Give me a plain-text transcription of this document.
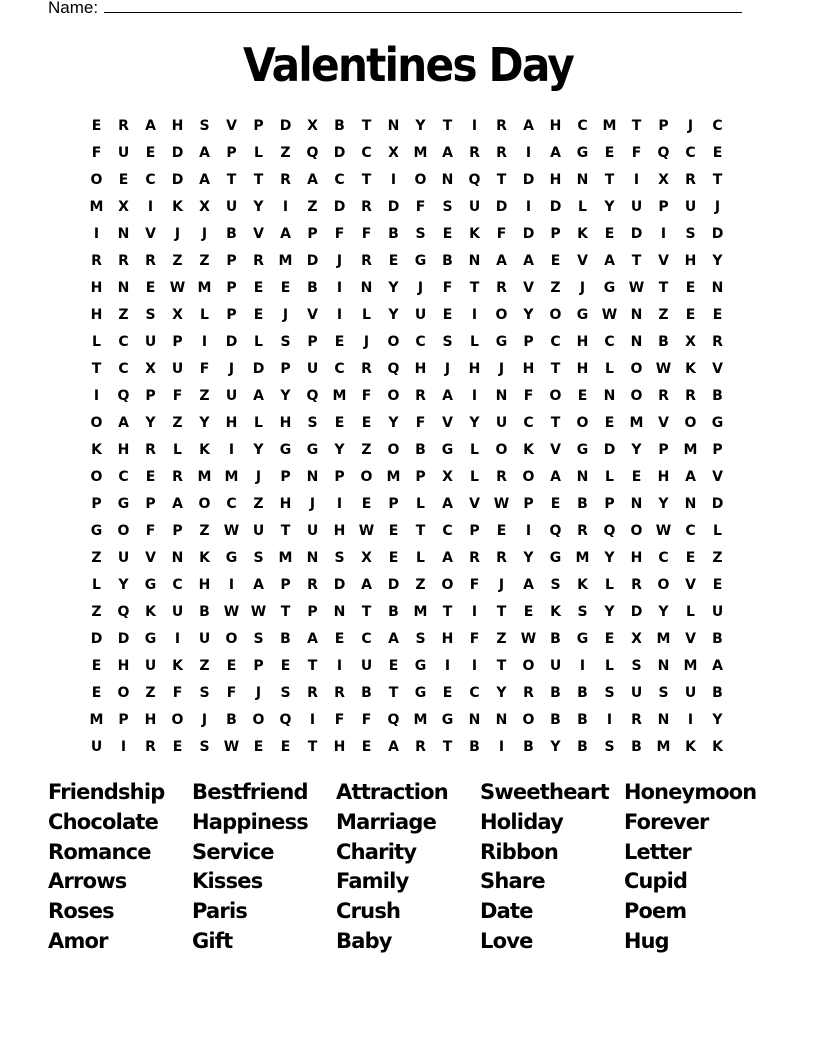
Name:
Valentines Day
E	R	A	H	S	V	P	D	X	B	T	N	Y	T	I	R	A	H	C	M	T	P	J	C
F	U	E	D	A	P	L	Z	Q	D	C	X	M	A	R	R	I	A	G	E	F	Q	C	E
O	E	C	D	A	T	T	R	A	C	T	I	O	N	Q	T	D	H	N	T	I	X	R	T
M	X	I	K	X	U	Y	I	Z	D	R	D	F	S	U	D	I	D	L	Y	U	P	U	J
I	N	V	J	J	B	V	A	P	F	F	B	S	E	K	F	D	P	K	E	D	I	S	D
R	R	R	Z	Z	P	R	M	D	J	R	E	G	B	N	A	A	E	V	A	T	V	H	Y
H	N	E	W M	P	E	E	B	I	N	Y	J	F	T	R	V	Z	J	G W	T	E	N
H	Z	S	X	L	P	E	J	V	I	L	Y	U	E	I	O	Y	O	G W N	Z	E	E
L	C	U	P	I	D	L	S	P	E	J	O	C	S	L	G	P	C	H	C	N	B	X	R
T	C	X	U	F	J	D	P	U	C	R	Q	H	J	H	J	H	T	H	L	O W K	V
I	Q	P	F	Z	U	A	Y	Q	M	F	O	R	A	I	N	F	O	E	N	O	R	R	B
O	A	Y	Z	Y	H	L	H	S	E	E	Y	F	V	Y	U	C	T	O	E	M	V	O	G
K	H	R	L	K	I	Y	G	G	Y	Z	O	B	G	L	O	K	V	G	D	Y	P	M	P
O	C	E	R	M M	J	P	N	P	O	M	P	X	L	R	O	A	N	L	E	H	A	V
P	G	P	A	O	C	Z	H	J	I	E	P	L	A	V W	P	E	B	P	N	Y	N	D
G	O	F	P	Z	W U	T	U	H W	E	T	C	P	E	I	Q	R	Q	O W	C	L
Z	U	V	N	K	G	S	M	N	S	X	E	L	A	R	R	Y	G	M	Y	H	C	E	Z
L	Y	G	C	H	I	A	P	R	D	A	D	Z	O	F	J	A	S	K	L	R	O	V	E
Z	Q	K	U	B W W	T	P	N	T	B	M	T	I	T	E	K	S	Y	D	Y	L	U
D	D	G	I	U	O	S	B	A	E	C	A	S	H	F	Z	W B	G	E	X	M	V	B
E	H	U	K	Z	E	P	E	T	I	U	E	G	I	I	T	O	U	I	L	S	N	M	A
E	O	Z	F	S	F	J	S	R	R	B	T	G	E	C	Y	R	B	B	S	U	S	U	B
M	P	H	O	J	B	O	Q	I	F	F	Q	M	G	N	N	O	B	B	I	R	N	I	Y
U	I	R	E	S	W	E	E	T	H	E	A	R	T	B	I	B	Y	B	S	B	M	K	K
Friendship
Chocolate
Romance
Arrows
Roses
Amor
Bestfriend
Happiness
Service
Kisses
Paris
Gift
Attraction
Marriage
Charity
Family
Crush
Baby
Sweetheart
Holiday
Ribbon
Share
Date
Love
Honeymoon
Forever
Letter
Cupid
Poem
Hug
